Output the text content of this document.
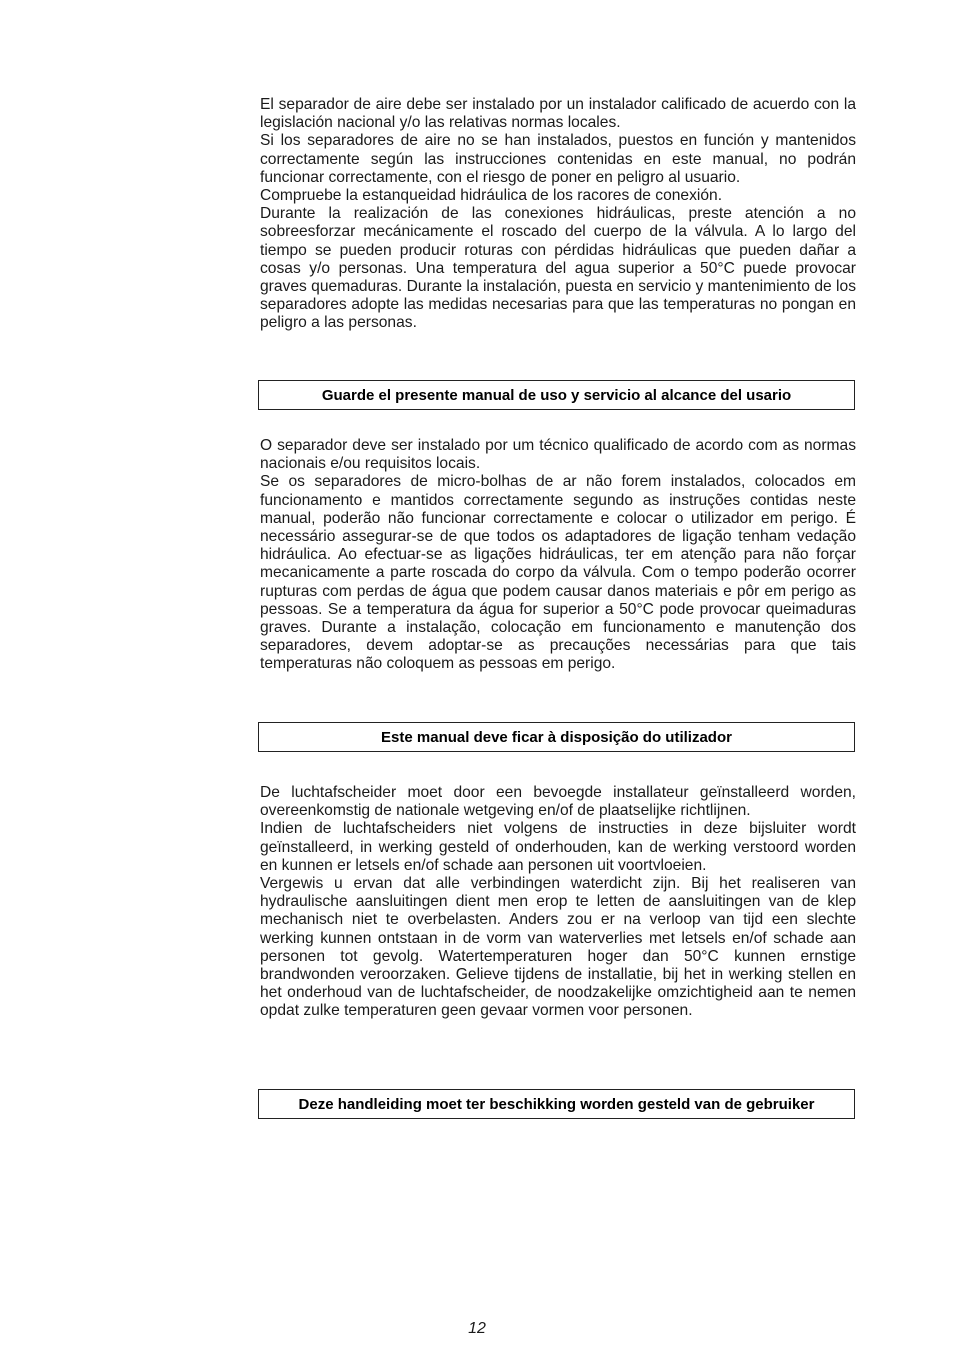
El separador de aire debe ser instalado por un instalador calificado de acuerdo con la legislación nacional y/o las relativas normas locales.

Si los separadores de aire no se han instalados, puestos en función y mantenidos correctamente según las instrucciones contenidas en este manual, no podrán funcionar correctamente, con el riesgo de poner en peligro al usuario.

Compruebe la estanqueidad hidráulica de los racores de conexión.

Durante la realización de las conexiones hidráulicas, preste atención a no sobreesforzar mecánicamente el roscado del cuerpo de la válvula. A lo largo del tiempo se pueden producir roturas con pérdidas hidráulicas que pueden dañar a cosas y/o personas. Una temperatura del agua superior a 50°C puede provocar graves quemaduras. Durante la instalación, puesta en servicio y mantenimiento de los separadores adopte las medidas necesarias para que las temperaturas no pongan en peligro a las personas.

Guarde el presente manual de uso y servicio al alcance del usario

O separador deve ser instalado por um técnico qualificado de acordo com as normas nacionais e/ou requisitos locais.

Se os separadores de micro-bolhas de ar não forem instalados, colocados em funcionamento e mantidos correctamente segundo as instruções contidas neste manual, poderão não funcionar correctamente e colocar o utilizador em perigo. É necessário assegurar-se de que todos os adaptadores de ligação tenham vedação hidráulica. Ao efectuar-se as ligações hidráulicas, ter em atenção para não forçar mecanicamente a parte roscada do corpo da válvula. Com o tempo poderão ocorrer rupturas com perdas de água que podem causar danos materiais e pôr em perigo as pessoas. Se a temperatura da água for superior a 50°C pode provocar queimaduras graves. Durante a instalação, colocação em funcionamento e manutenção dos separadores, devem adoptar-se as precauções necessárias para que tais temperaturas não coloquem as pessoas em perigo.

Este manual deve ficar à disposição do utilizador

De luchtafscheider moet door een bevoegde installateur geïnstalleerd worden, overeenkomstig de nationale wetgeving en/of de plaatselijke richtlijnen.

Indien de luchtafscheiders niet volgens de instructies in deze bijsluiter wordt geïnstalleerd, in werking gesteld of onderhouden, kan de werking verstoord worden en kunnen er letsels en/of schade aan personen uit voortvloeien.

Vergewis u ervan dat alle verbindingen waterdicht zijn. Bij het realiseren van hydraulische aansluitingen dient men erop te letten de aansluitingen van de klep mechanisch niet te overbelasten. Anders zou er na verloop van tijd een slechte werking kunnen ontstaan in de vorm van waterverlies met letsels en/of schade aan personen tot gevolg. Watertemperaturen hoger dan 50°C kunnen ernstige brandwonden veroorzaken. Gelieve tijdens de installatie, bij het in werking stellen en het onderhoud van de luchtafscheider, de noodzakelijke omzichtigheid aan te nemen opdat zulke temperaturen geen gevaar vormen voor personen.

Deze handleiding moet ter beschikking worden gesteld van de gebruiker
12
